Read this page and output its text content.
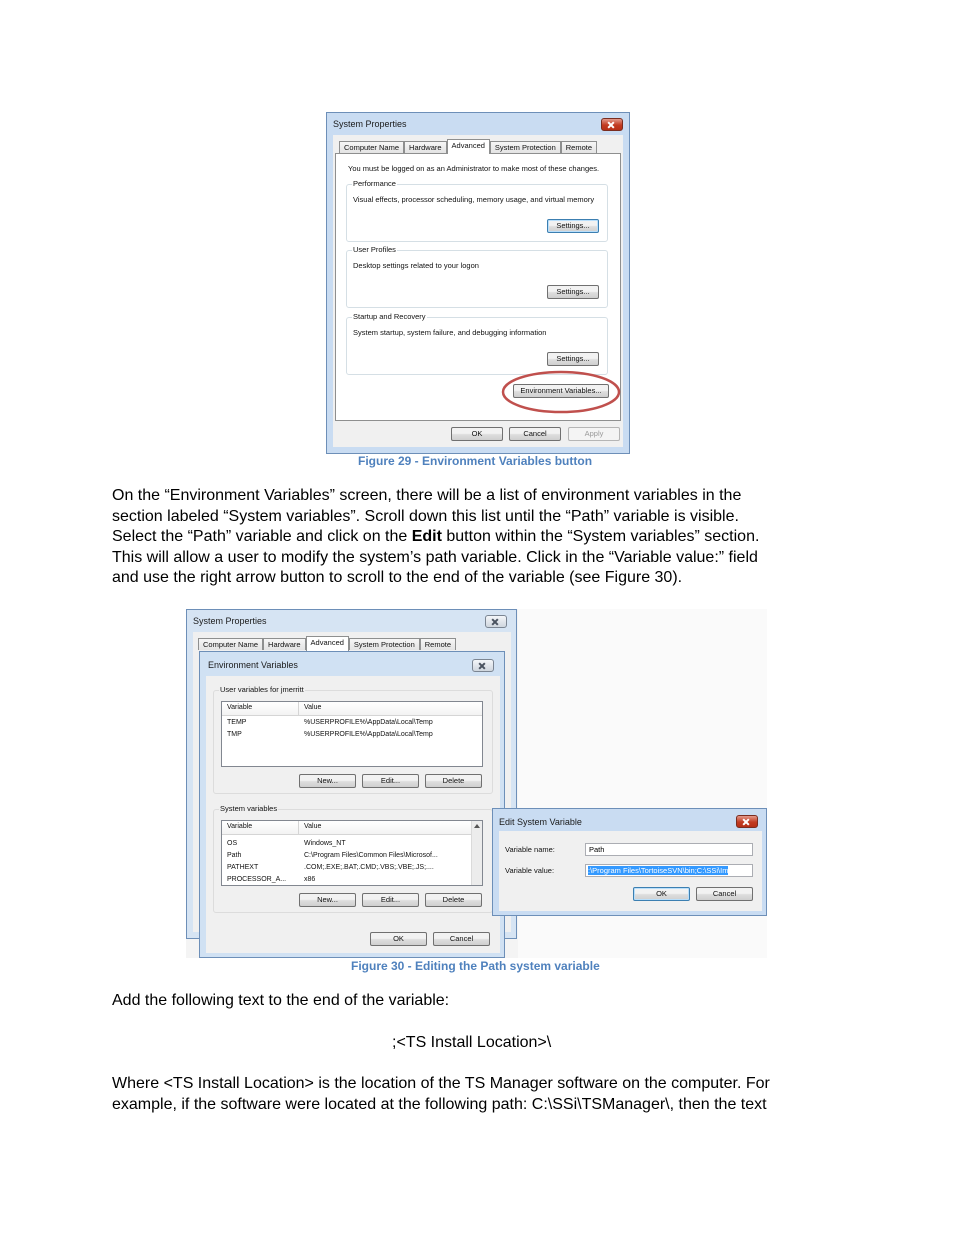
System Properties
Computer Name	Hardware	Advanced	System Protection	Remote
You must be logged on as an Administrator to make most of these changes.
Performance
Visual effects, processor scheduling, memory usage, and virtual memory
Settings...
User Profiles
Desktop settings related to your logon
Settings...
Startup and Recovery
System startup, system failure, and debugging information
Settings...
Environment Variables...
OK	Cancel	Apply
Figure 29 - Environment Variables button
On the “Environment Variables” screen, there will be a list of environment variables in the
section labeled “System variables”. Scroll down this list until the “Path” variable is visible.
Select the “Path” variable and click on the Edit button within the “System variables” section.
This will allow a user to modify the system’s path variable. Click in the “Variable value:” field
and use the right arrow button to scroll to the end of the variable (see Figure 30).
System Properties
Computer Name	Hardware	Advanced	System Protection	Remote
Environment Variables
User variables for jmerritt
Variable	Value
TEMP	%USERPROFILE%\AppData\Local\Temp
TMP	%USERPROFILE%\AppData\Local\Temp
New...	Edit...	Delete
System variables
Variable	Value
OS	Windows_NT
Path	C:\Program Files\Common Files\Microsof...
PATHEXT	.COM;.EXE;.BAT;.CMD;.VBS;.VBE;.JS;....
PROCESSOR_A...	x86
New...	Edit...	Delete
OK	Cancel
Edit System Variable
Variable name:	Path
Variable value:	:\Program Files\TortoiseSVN\bin;C:\SSi\Im
OK	Cancel
Figure 30 - Editing the Path system variable
Add the following text to the end of the variable:
;<TS Install Location>\
Where <TS Install Location> is the location of the TS Manager software on the computer. For
example, if the software were located at the following path: C:\SSi\TSManager\, then the text
